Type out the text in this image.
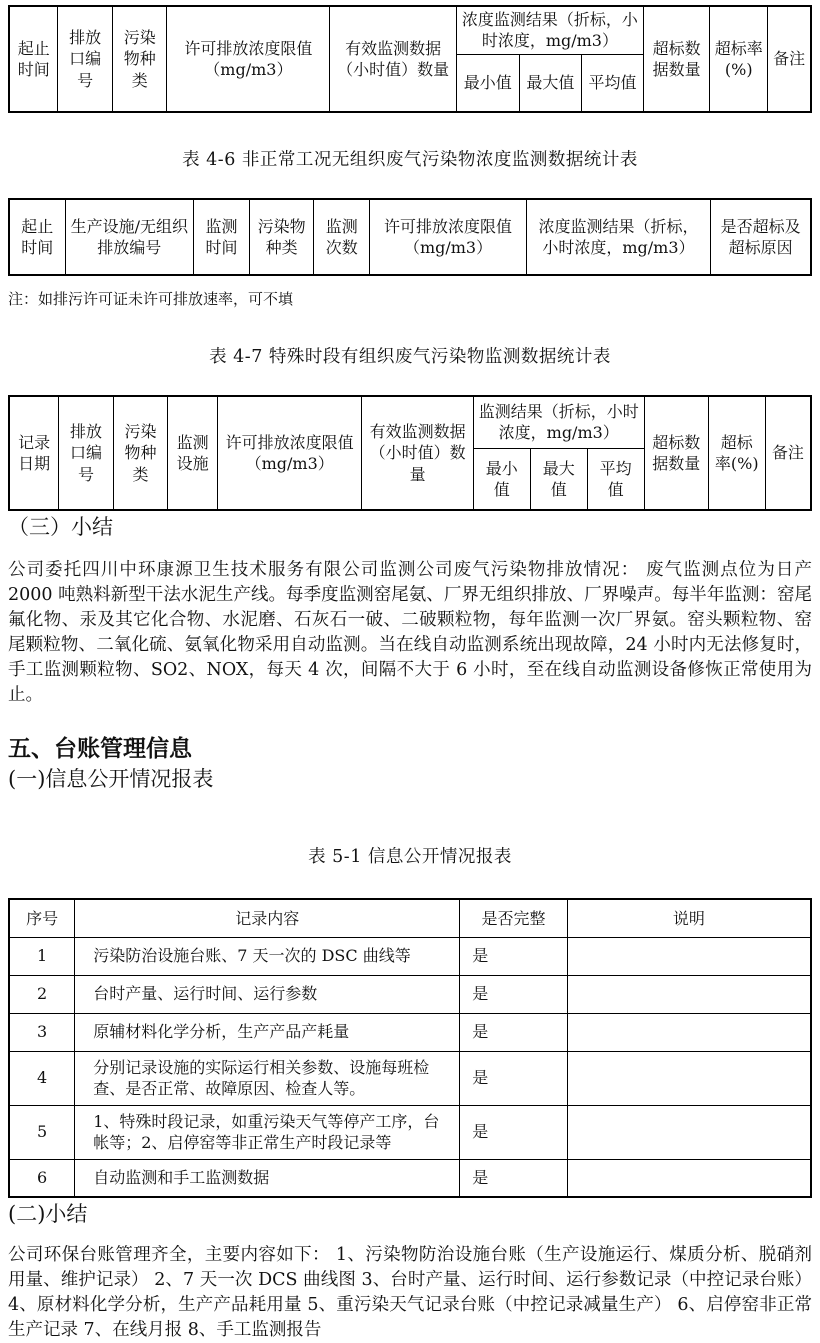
起止时间	排放口编号	污染物种类	许可排放浓度限值（mg/m3）	有效监测数据（小时值）数量	浓度监测结果（折标，小时浓度，mg/m3）			超标数据数量	超标率(%)	备注
					最小值	最大值	平均值			
表 4-6 非正常工况无组织废气污染物浓度监测数据统计表
起止时间	生产设施/无组织排放编号	监测时间	污染物种类	监测次数	许可排放浓度限值（mg/m3）	浓度监测结果（折标，小时浓度，mg/m3）	是否超标及超标原因
注：如排污许可证未许可排放速率，可不填
表 4-7 特殊时段有组织废气污染物监测数据统计表
记录日期	排放口编号	污染物种类	监测设施	许可排放浓度限值（mg/m3）	有效监测数据（小时值）数量	监测结果（折标，小时浓度，mg/m3）			超标数据数量	超标率(%)	备注
						最小值	最大值	平均值			
（三）小结

公司委托四川中环康源卫生技术服务有限公司监测公司废气污染物排放情况： 废气监测点位为日产 2000 吨熟料新型干法水泥生产线。每季度监测窑尾氨、厂界无组织排放、厂界噪声。每半年监测：窑尾氟化物、汞及其它化合物、水泥磨、石灰石一破、二破颗粒物，每年监测一次厂界氨。窑头颗粒物、窑尾颗粒物、二氧化硫、氨氧化物采用自动监测。当在线自动监测系统出现故障，24 小时内无法修复时，手工监测颗粒物、SO2、NOX，每天 4 次，间隔不大于 6 小时，至在线自动监测设备修恢正常使用为止。

五、台账管理信息
(一)信息公开情况报表
表 5-1 信息公开情况报表
序号	记录内容	是否完整	说明
1	污染防治设施台账、7 天一次的 DSC 曲线等	是	
2	台时产量、运行时间、运行参数	是	
3	原辅材料化学分析，生产产品产耗量	是	
4	分别记录设施的实际运行相关参数、设施每班检查、是否正常、故障原因、检查人等。	是	
5	1、特殊时段记录，如重污染天气等停产工序，台帐等；2、启停窑等非正常生产时段记录等	是	
6	自动监测和手工监测数据	是	
(二)小结

公司环保台账管理齐全，主要内容如下： 1、污染物防治设施台账（生产设施运行、煤质分析、脱硝剂用量、维护记录） 2、7 天一次 DCS 曲线图 3、台时产量、运行时间、运行参数记录（中控记录台账） 4、原材料化学分析，生产产品耗用量 5、重污染天气记录台账（中控记录减量生产） 6、启停窑非正常生产记录 7、在线月报 8、手工监测报告
